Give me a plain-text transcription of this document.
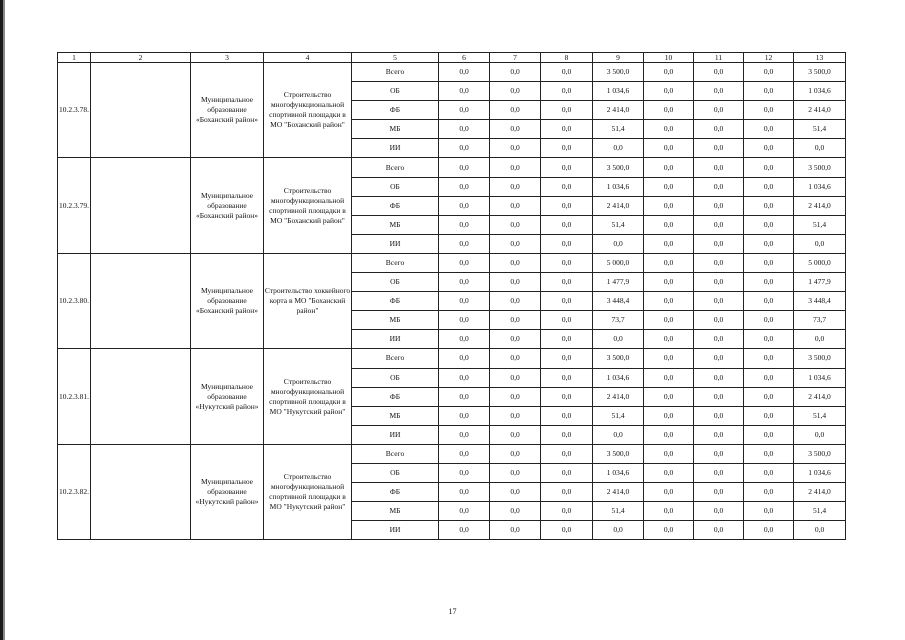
1	2	3	4	5	6	7	8	9	10	11	12	13
10.2.3.78.		Муниципальное образование «Боханский район»	Строительство многофункциональной спортивной площадки в МО "Боханский район"	Всего	0,0	0,0	0,0	3 500,0	0,0	0,0	0,0	3 500,0
				ОБ	0,0	0,0	0,0	1 034,6	0,0	0,0	0,0	1 034,6
				ФБ	0,0	0,0	0,0	2 414,0	0,0	0,0	0,0	2 414,0
				МБ	0,0	0,0	0,0	51,4	0,0	0,0	0,0	51,4
				ИИ	0,0	0,0	0,0	0,0	0,0	0,0	0,0	0,0
10.2.3.79.		Муниципальное образование «Боханский район»	Строительство многофункциональной спортивной площадки в МО "Боханский район"	Всего	0,0	0,0	0,0	3 500,0	0,0	0,0	0,0	3 500,0
				ОБ	0,0	0,0	0,0	1 034,6	0,0	0,0	0,0	1 034,6
				ФБ	0,0	0,0	0,0	2 414,0	0,0	0,0	0,0	2 414,0
				МБ	0,0	0,0	0,0	51,4	0,0	0,0	0,0	51,4
				ИИ	0,0	0,0	0,0	0,0	0,0	0,0	0,0	0,0
10.2.3.80.		Муниципальное образование «Боханский район»	Строительство хоккейного корта в МО "Боханский район"	Всего	0,0	0,0	0,0	5 000,0	0,0	0,0	0,0	5 000,0
				ОБ	0,0	0,0	0,0	1 477,9	0,0	0,0	0,0	1 477,9
				ФБ	0,0	0,0	0,0	3 448,4	0,0	0,0	0,0	3 448,4
				МБ	0,0	0,0	0,0	73,7	0,0	0,0	0,0	73,7
				ИИ	0,0	0,0	0,0	0,0	0,0	0,0	0,0	0,0
10.2.3.81.		Муниципальное образование «Нукутский район»	Строительство многофункциональной спортивной площадки в МО "Нукутский район"	Всего	0,0	0,0	0,0	3 500,0	0,0	0,0	0,0	3 500,0
				ОБ	0,0	0,0	0,0	1 034,6	0,0	0,0	0,0	1 034,6
				ФБ	0,0	0,0	0,0	2 414,0	0,0	0,0	0,0	2 414,0
				МБ	0,0	0,0	0,0	51,4	0,0	0,0	0,0	51,4
				ИИ	0,0	0,0	0,0	0,0	0,0	0,0	0,0	0,0
10.2.3.82.		Муниципальное образование «Нукутский район»	Строительство многофункциональной спортивной площадки в МО "Нукутский район"	Всего	0,0	0,0	0,0	3 500,0	0,0	0,0	0,0	3 500,0
				ОБ	0,0	0,0	0,0	1 034,6	0,0	0,0	0,0	1 034,6
				ФБ	0,0	0,0	0,0	2 414,0	0,0	0,0	0,0	2 414,0
				МБ	0,0	0,0	0,0	51,4	0,0	0,0	0,0	51,4
				ИИ	0,0	0,0	0,0	0,0	0,0	0,0	0,0	0,0
17
